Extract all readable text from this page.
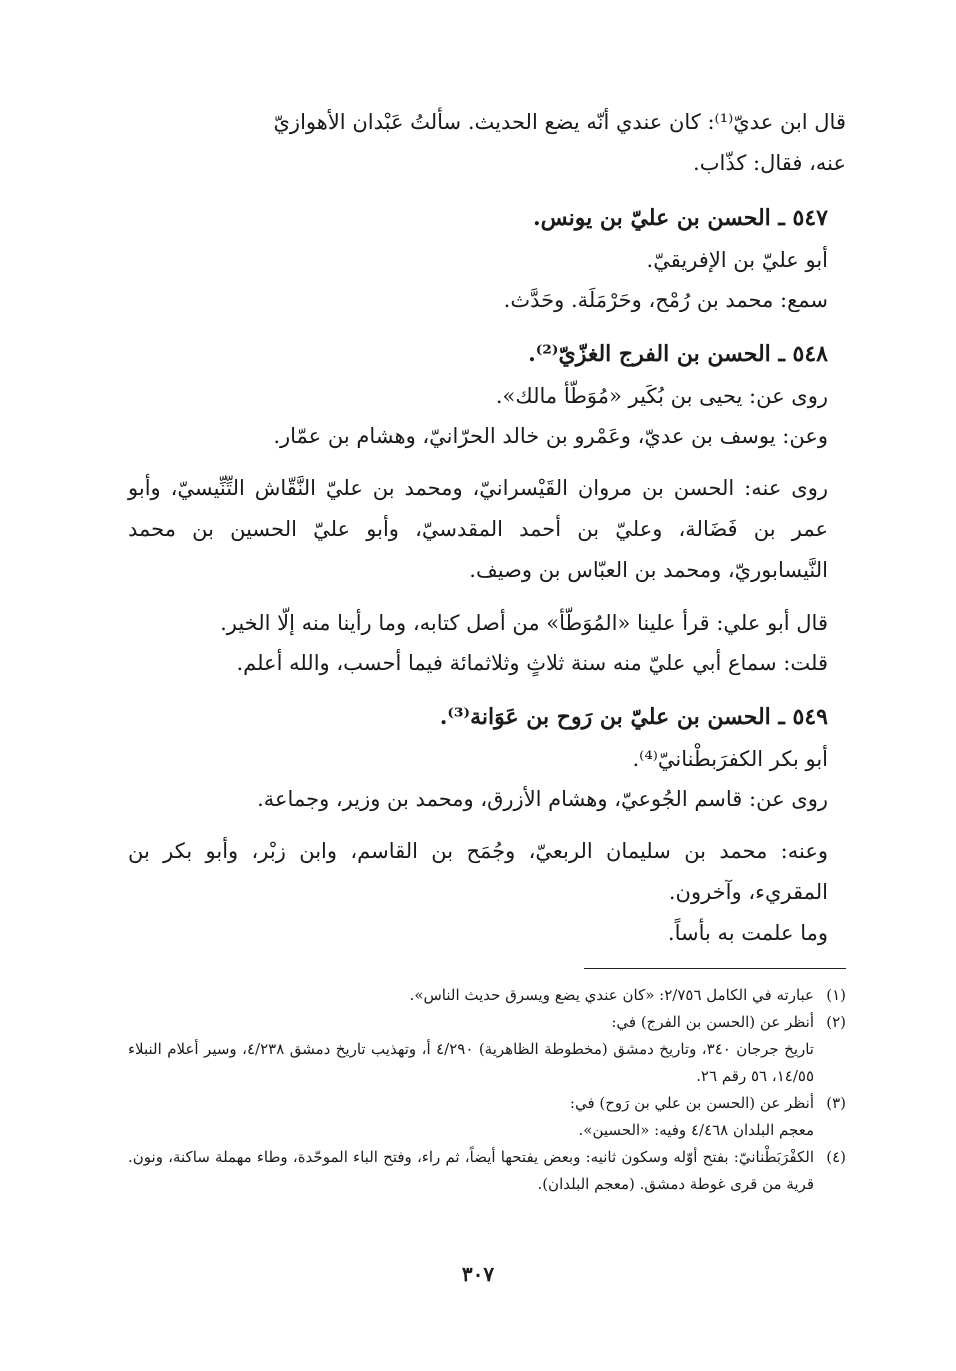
قال ابن عديّ⁽¹⁾: كان عندي أنّه يضع الحديث. سألتُ عَبْدان الأهوازيّ
عنه، فقال: كذّاب.

٥٤٧ ـ الحسن بن عليّ بن يونس.

أبو عليّ بن الإفريقيّ.

سمع: محمد بن رُمْح، وحَرْمَلَة. وحَدَّث.

٥٤٨ ـ الحسن بن الفرج الغزّيّ⁽²⁾.

روى عن: يحيى بن بُكَير «مُوَطّأ مالك».

وعن: يوسف بن عديّ، وعَمْرو بن خالد الحرّانيّ، وهشام بن عمّار.

روى عنه: الحسن بن مروان القَيْسرانيّ، ومحمد بن عليّ النَّقّاش التِّنِّيسيّ، وأبو عمر بن فَضَالة، وعليّ بن أحمد المقدسيّ، وأبو عليّ الحسين بن محمد النَّيسابوريّ، ومحمد بن العبّاس بن وصيف.

قال أبو علي: قرأ علينا «المُوَطّأ» من أصل كتابه، وما رأينا منه إلّا الخير.

قلت: سماع أبي عليّ منه سنة ثلاثٍ وثلاثمائة فيما أحسب، والله أعلم.

٥٤٩ ـ الحسن بن عليّ بن رَوح بن عَوَانة⁽³⁾.

أبو بكر الكفرَبطْنانيّ⁽⁴⁾.

روى عن: قاسم الجُوعيّ، وهشام الأزرق، ومحمد بن وزير، وجماعة.

وعنه: محمد بن سليمان الربعيّ، وجُمَح بن القاسم، وابن زبْر، وأبو بكر بن المقريء، وآخرون.

وما علمت به بأساً.

(١)
عبارته في الكامل ٢/٧٥٦: «كان عندي يضع ويسرق حديث الناس».
(٢)
أنظر عن (الحسن بن الفرج) في:

تاريخ جرجان ٣٤٠، وتاريخ دمشق (مخطوطة الظاهرية) ٤/٢٩٠ أ، وتهذيب تاريخ دمشق ٤/٢٣٨، وسير أعلام النبلاء ١٤/٥٥، ٥٦ رقم ٢٦.

(٣)
أنظر عن (الحسن بن علي بن رَوح) في:

معجم البلدان ٤/٤٦٨ وفيه: «الحسين».

(٤)
الكفْرَبَطْنانيّ: بفتح أوّله وسكون ثانيه: وبعض يفتحها أيضاً، ثم راء، وفتح الباء الموحّدة، وطاء مهملة ساكنة، ونون. قرية من قرى غوطة دمشق. (معجم البلدان).
٣٠٧
